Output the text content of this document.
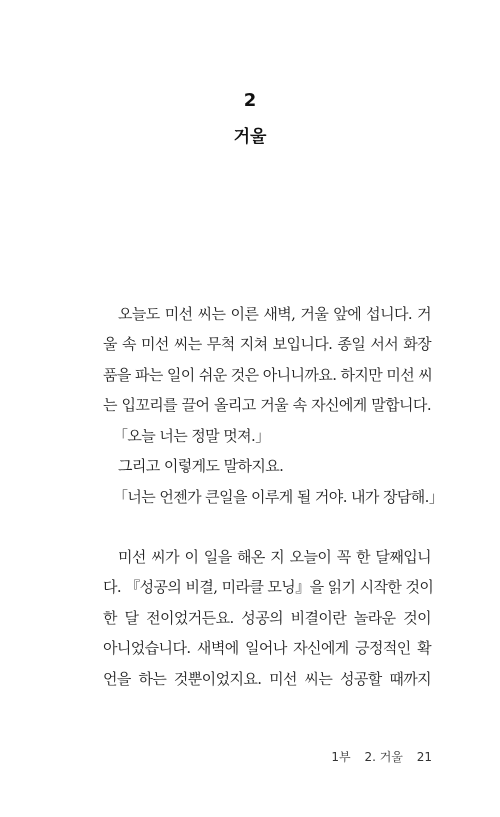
2
거울
오늘도 미선 씨는 이른 새벽, 거울 앞에 섭니다. 거
울 속 미선 씨는 무척 지쳐 보입니다. 종일 서서 화장
품을 파는 일이 쉬운 것은 아니니까요. 하지만 미선 씨
는 입꼬리를 끌어 올리고 거울 속 자신에게 말합니다.
「오늘 너는 정말 멋져.」
그리고 이렇게도 말하지요.
「너는 언젠가 큰일을 이루게 될 거야. 내가 장담해.」
미선 씨가 이 일을 해온 지 오늘이 꼭 한 달째입니
다. 『성공의 비결, 미라클 모닝』을 읽기 시작한 것이
한 달 전이었거든요. 성공의 비결이란 놀라운 것이
아니었습니다. 새벽에 일어나 자신에게 긍정적인 확
언을 하는 것뿐이었지요. 미선 씨는 성공할 때까지
1부 2. 거울 21
